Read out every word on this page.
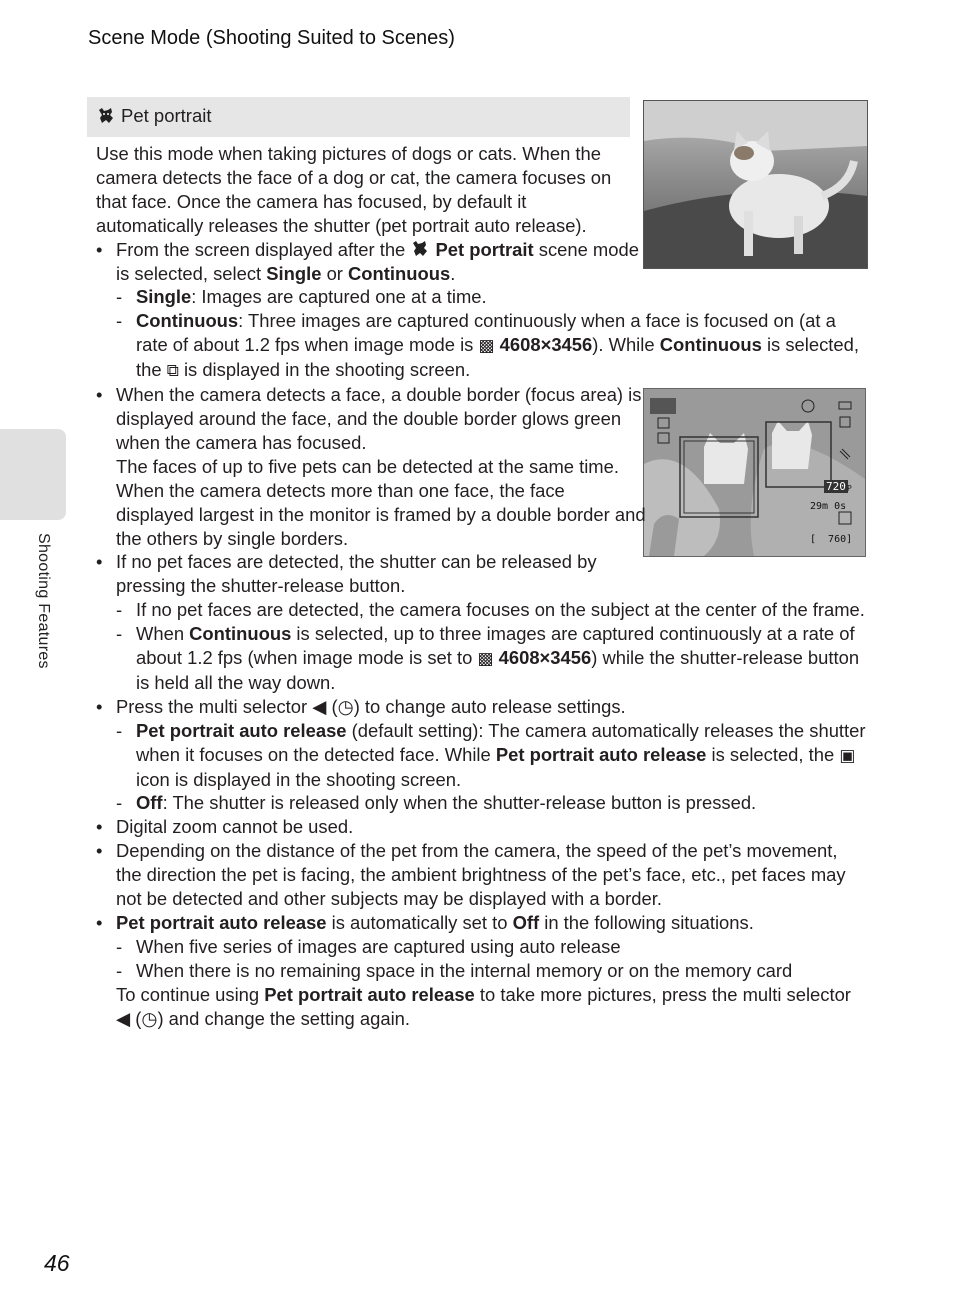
Scene Mode (Shooting Suited to Scenes)
Shooting Features
46
Pet portrait
720 P
29m 0s
[  760]

Use this mode when taking pictures of dogs or cats. When the camera detects the face of a dog or cat, the camera focuses on that face. Once the camera has focused, by default it automatically releases the shutter (pet portrait auto release).

• From the screen displayed after the  Pet portrait scene mode is selected, select Single or Continuous.

- Single: Images are captured one at a time.

- Continuous: Three images are captured continuously when a face is focused on (at a rate of about 1.2 fps when image mode is ▩ 4608×3456). While Continuous is selected, the ⧉ is displayed in the shooting screen.

• When the camera detects a face, a double border (focus area) is displayed around the face, and the double border glows green when the camera has focused.
The faces of up to five pets can be detected at the same time. When the camera detects more than one face, the face displayed largest in the monitor is framed by a double border and the others by single borders.

• If no pet faces are detected, the shutter can be released by pressing the shutter-release button.

- If no pet faces are detected, the camera focuses on the subject at the center of the frame.

- When Continuous is selected, up to three images are captured continuously at a rate of about 1.2 fps (when image mode is set to ▩ 4608×3456) while the shutter-release button is held all the way down.

• Press the multi selector ◀ (◷) to change auto release settings.

- Pet portrait auto release (default setting): The camera automatically releases the shutter when it focuses on the detected face. While Pet portrait auto release is selected, the ▣ icon is displayed in the shooting screen.

- Off: The shutter is released only when the shutter-release button is pressed.

• Digital zoom cannot be used.

• Depending on the distance of the pet from the camera, the speed of the pet’s movement, the direction the pet is facing, the ambient brightness of the pet’s face, etc., pet faces may not be detected and other subjects may be displayed with a border.

• Pet portrait auto release is automatically set to Off in the following situations.

- When five series of images are captured using auto release

- When there is no remaining space in the internal memory or on the memory card

To continue using Pet portrait auto release to take more pictures, press the multi selector ◀ (◷) and change the setting again.
